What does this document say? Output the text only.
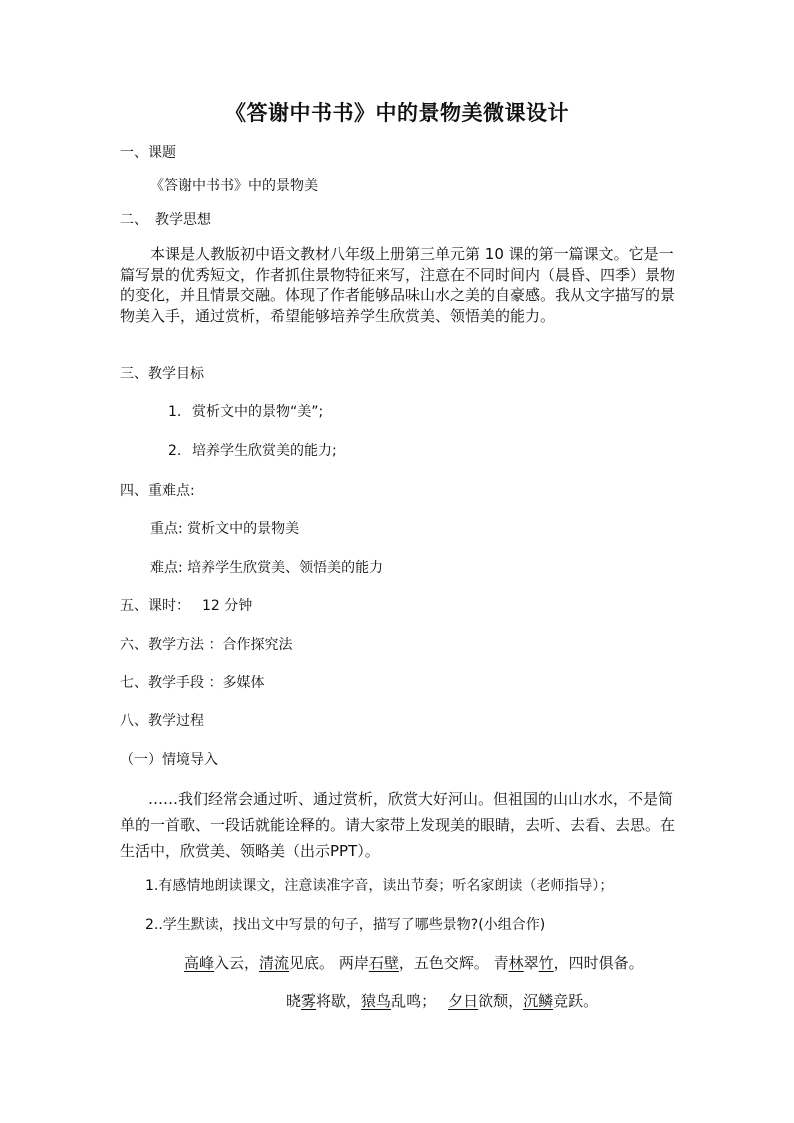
《答谢中书书》中的景物美微课设计
一、课题
《答谢中书书》中的景物美
二、　教学思想
本课是人教版初中语文教材八年级上册第三单元第 10 课的第一篇课文。它是一篇写景的优秀短文，作者抓住景物特征来写，注意在不同时间内（晨昏、四季）景物的变化，并且情景交融。体现了作者能够品味山水之美的自豪感。我从文字描写的景物美入手，通过赏析，希望能够培养学生欣赏美、领悟美的能力。
三、教学目标
1. 赏析文中的景物“美”;
2. 培养学生欣赏美的能力;
四、重难点:
重点: 赏析文中的景物美
难点: 培养学生欣赏美、领悟美的能力
五、课时： 12 分钟
六、教学方法 ：合作探究法
七、教学手段 ：多媒体
八、教学过程
（一）情境导入
……我们经常会通过听、通过赏析，欣赏大好河山。但祖国的山山水水，不是简单的一首歌、一段话就能诠释的。请大家带上发现美的眼睛，去听、去看、去思。在生活中，欣赏美、领略美（出示PPT）。
1.有感情地朗读课文，注意读准字音，读出节奏；听名家朗读（老师指导）；
2..学生默读，找出文中写景的句子，描写了哪些景物?(小组合作)
高峰入云，清流见底。 两岸石壁，五色交辉。 青林翠竹，四时俱备。
晓雾将歇，猿鸟乱鸣； 夕日欲颓，沉鳞竞跃。
